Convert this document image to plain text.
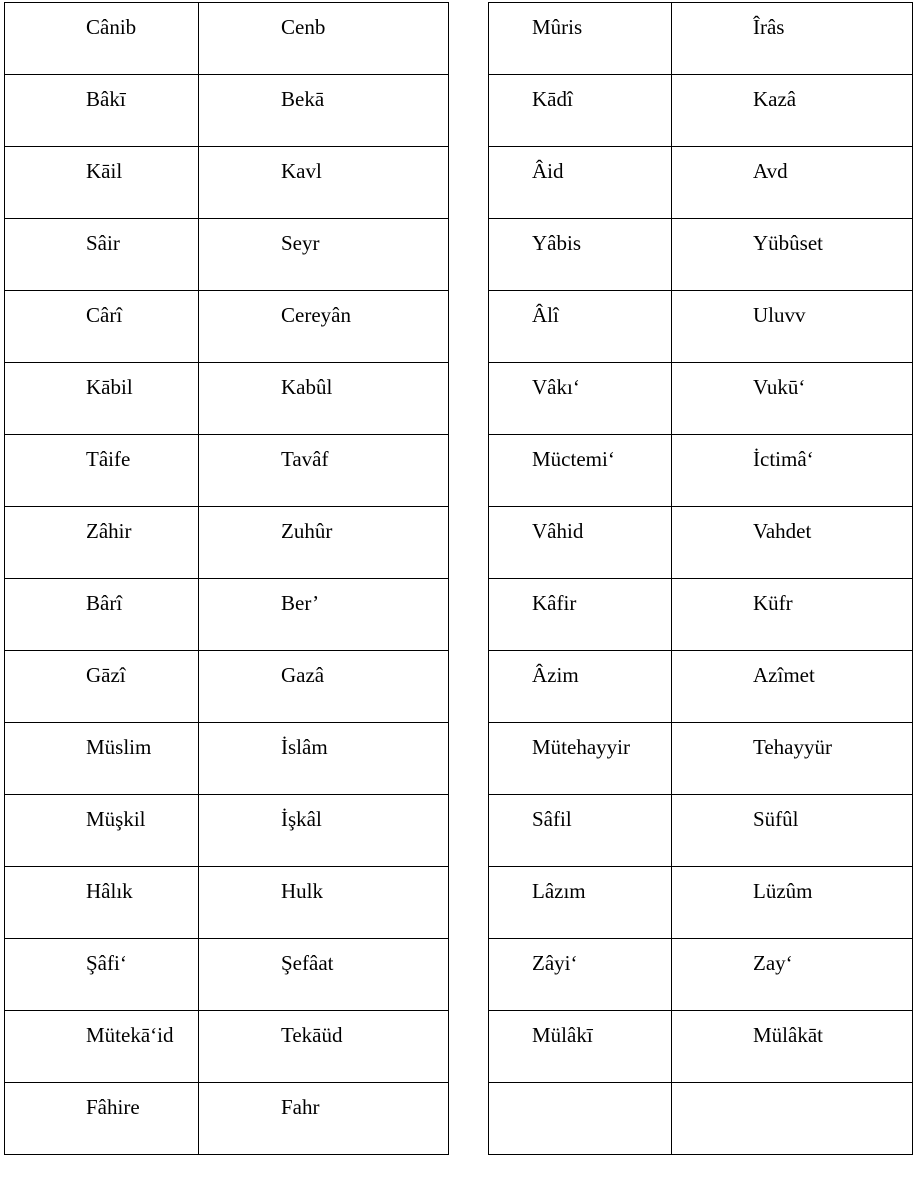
Cânib	Cenb

Bâkī	Bekā

Kāil	Kavl

Sâir	Seyr

Cârî	Cereyân

Kābil	Kabûl

Tâife	Tavâf

Zâhir	Zuhûr

Bârî	Ber’

Gāzî	Gazâ

Müslim	İslâm

Müşkil	İşkâl

Hâlık	Hulk

Şâfi‘	Şefâat

Mütekā‘id	Tekāüd

Fâhire	Fahr
Mûris	Îrâs

Kādî	Kazâ

Âid	Avd

Yâbis	Yübûset

Âlî	Uluvv

Vâkı‘	Vukū‘

Müctemi‘	İctimâ‘

Vâhid	Vahdet

Kâfir	Küfr

Âzim	Azîmet

Mütehayyir	Tehayyür

Sâfil	Süfûl

Lâzım	Lüzûm

Zâyi‘	Zay‘

Mülâkī	Mülâkāt
